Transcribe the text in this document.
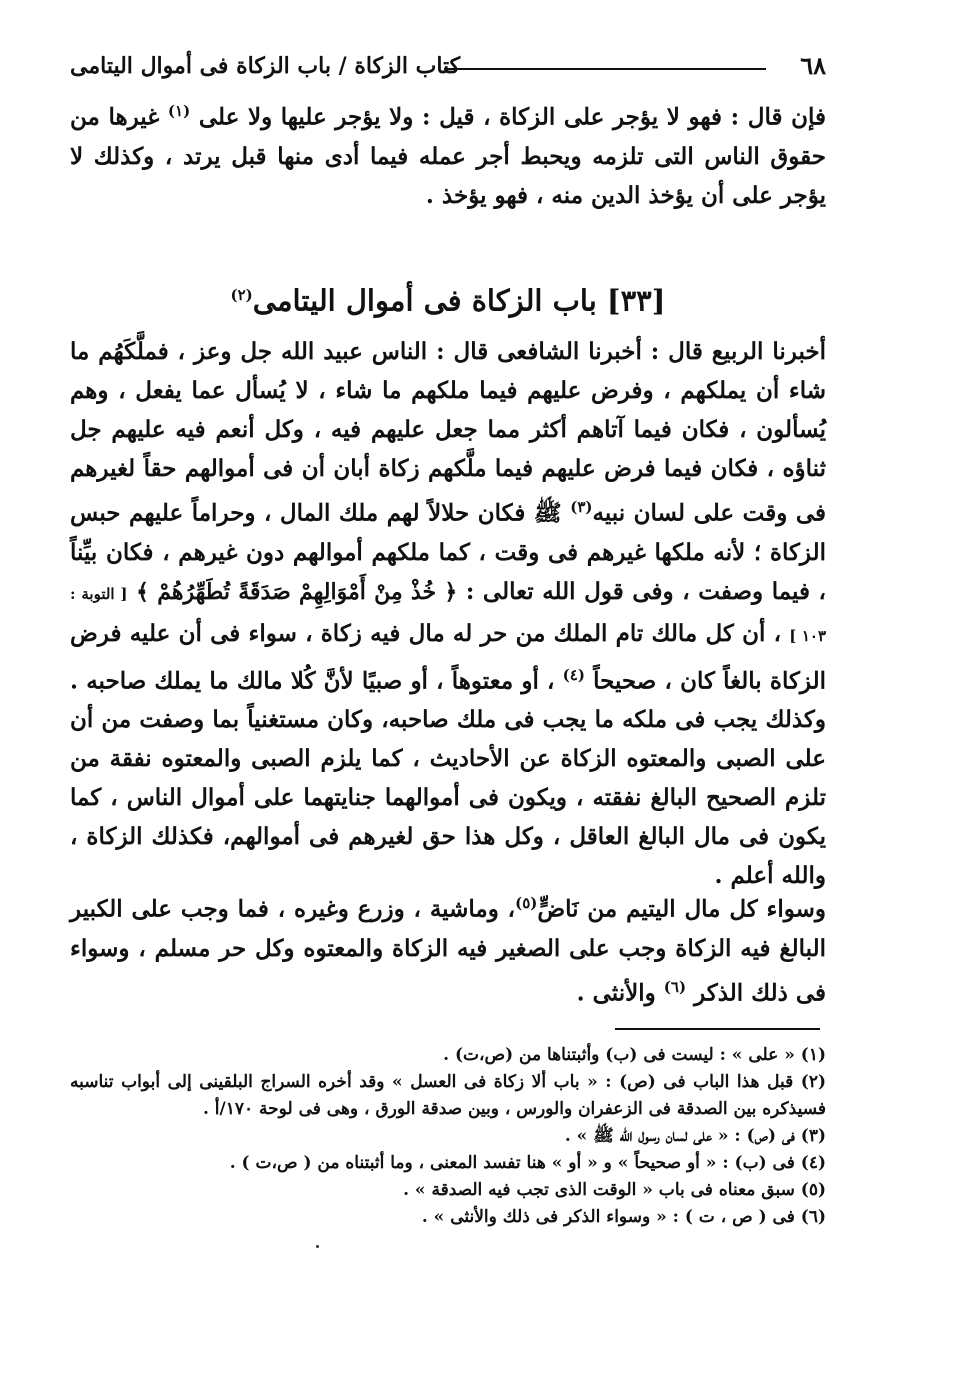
٦٨
كتاب الزكاة / باب الزكاة فى أموال اليتامى

فإن قال : فهو لا يؤجر على الزكاة ، قيل : ولا يؤجر عليها ولا على $^{(١)}$ غيرها من حقوق الناس التى تلزمه ويحبط أجر عمله فيما أدى منها قبل يرتد ، وكذلك لا يؤجر على أن يؤخذ الدين منه ، فهو يؤخذ .

[٣٣] باب الزكاة فى أموال اليتامى$^{(٢)}$

أخبرنا الربيع قال : أخبرنا الشافعى قال : الناس عبيد الله جل وعز ، فملَّكَهُم ما شاء أن يملكهم ، وفرض عليهم فيما ملكهم ما شاء ، لا يُسأل عما يفعل ، وهم يُسألون ، فكان فيما آتاهم أكثر مما جعل عليهم فيه ، وكل أنعم فيه عليهم جل ثناؤه ، فكان فيما فرض عليهم فيما ملَّكهم زكاة أبان أن فى أموالهم حقاً لغيرهم فى وقت على لسان نبيه$^{(٣)}$ ﷺ فكان حلالاً لهم ملك المال ، وحراماً عليهم حبس الزكاة ؛ لأنه ملكها غيرهم فى وقت ، كما ملكهم أموالهم دون غيرهم ، فكان بيِّناً ، فيما وصفت ، وفى قول الله تعالى : ﴿ خُذْ مِنْ أَمْوَالِهِمْ صَدَقَةً تُطَهِّرُهُمْ ﴾ [ التوبة : ١٠٣ ] ، أن كل مالك تام الملك من حر له مال فيه زكاة ، سواء فى أن عليه فرض الزكاة بالغاً كان ، صحيحاً $^{(٤)}$ ، أو معتوهاً ، أو صبيًا لأنَّ كُلا مالك ما يملك صاحبه . وكذلك يجب فى ملكه ما يجب فى ملك صاحبه، وكان مستغنياً بما وصفت من أن على الصبى والمعتوه الزكاة عن الأحاديث ، كما يلزم الصبى والمعتوه نفقة من تلزم الصحيح البالغ نفقته ، ويكون فى أموالهما جنايتهما على أموال الناس ، كما يكون فى مال البالغ العاقل ، وكل هذا حق لغيرهم فى أموالهم، فكذلك الزكاة ، والله أعلم .

وسواء كل مال اليتيم من نَاضٍّ$^{(٥)}$، وماشية ، وزرع وغيره ، فما وجب على الكبير البالغ فيه الزكاة وجب على الصغير فيه الزكاة والمعتوه وكل حر مسلم ، وسواء فى ذلك الذكر $^{(٦)}$ والأنثى .

(١) « على » : ليست فى (ب) وأثبتناها من (ص،ت) .
(٢) قبل هذا الباب فى (ص) : « باب ألا زكاة فى العسل » وقد أخره السراج البلقينى إلى أبواب تناسبه فسيذكره بين الصدقة فى الزعفران والورس ، وبين صدقة الورق ، وهى فى لوحة ١٧٠/أ .
(٣) فى (ص) : « على لسان رسول الله ﷺ » .
(٤) فى (ب) : « أو صحيحاً » و « أو » هنا تفسد المعنى ، وما أثبتناه من ( ص،ت ) .
(٥) سبق معناه فى باب « الوقت الذى تجب فيه الصدقة » .
(٦) فى ( ص ، ت ) : « وسواء الذكر فى ذلك والأنثى » .
